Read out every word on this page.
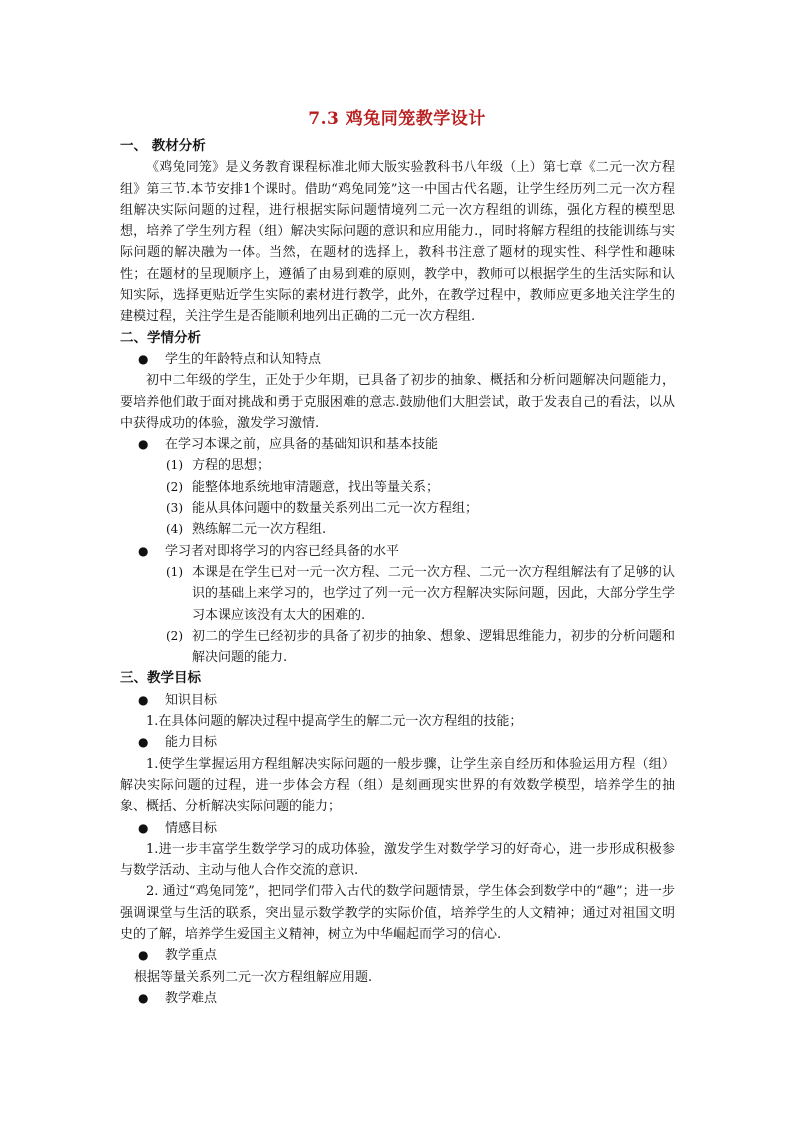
7.3 鸡兔同笼教学设计
一、 教材分析
《鸡兔同笼》是义务教育课程标准北师大版实验教科书八年级（上）第七章《二元一次方程组》第三节.本节安排1个课时。借助“鸡兔同笼”这一中国古代名题，让学生经历列二元一次方程组解决实际问题的过程，进行根据实际问题情境列二元一次方程组的训练，强化方程的模型思想，培养了学生列方程（组）解决实际问题的意识和应用能力.，同时将解方程组的技能训练与实际问题的解决融为一体。当然，在题材的选择上，教科书注意了题材的现实性、科学性和趣味性；在题材的呈现顺序上，遵循了由易到难的原则，教学中，教师可以根据学生的生活实际和认知实际，选择更贴近学生实际的素材进行教学，此外，在教学过程中，教师应更多地关注学生的建模过程，关注学生是否能顺利地列出正确的二元一次方程组.
二、学情分析
●	学生的年龄特点和认知特点
初中二年级的学生，正处于少年期，已具备了初步的抽象、概括和分析问题解决问题能力，要培养他们敢于面对挑战和勇于克服困难的意志.鼓励他们大胆尝试，敢于发表自己的看法，以从中获得成功的体验，激发学习激情.
●	在学习本课之前，应具备的基础知识和基本技能
(1) 方程的思想；
(2) 能整体地系统地审清题意，找出等量关系；
(3) 能从具体问题中的数量关系列出二元一次方程组；
(4) 熟练解二元一次方程组.
●	学习者对即将学习的内容已经具备的水平
(1) 本课是在学生已对一元一次方程、二元一次方程、二元一次方程组解法有了足够的认识的基础上来学习的，也学过了列一元一次方程解决实际问题，因此，大部分学生学习本课应该没有太大的困难的.
(2) 初二的学生已经初步的具备了初步的抽象、想象、逻辑思维能力，初步的分析问题和解决问题的能力.
三、教学目标
●	知识目标
1.在具体问题的解决过程中提高学生的解二元一次方程组的技能；
●	能力目标
1.使学生掌握运用方程组解决实际问题的一般步骤，让学生亲自经历和体验运用方程（组）解决实际问题的过程，进一步体会方程（组）是刻画现实世界的有效数学模型，培养学生的抽象、概括、分析解决实际问题的能力；
●	情感目标
1.进一步丰富学生数学学习的成功体验，激发学生对数学学习的好奇心，进一步形成积极参与数学活动、主动与他人合作交流的意识.
2. 通过“鸡兔同笼”，把同学们带入古代的数学问题情景，学生体会到数学中的“趣”；进一步强调课堂与生活的联系，突出显示数学教学的实际价值，培养学生的人文精神；通过对祖国文明史的了解，培养学生爱国主义精神，树立为中华崛起而学习的信心.
●	教学重点
根据等量关系列二元一次方程组解应用题.
●	教学难点
